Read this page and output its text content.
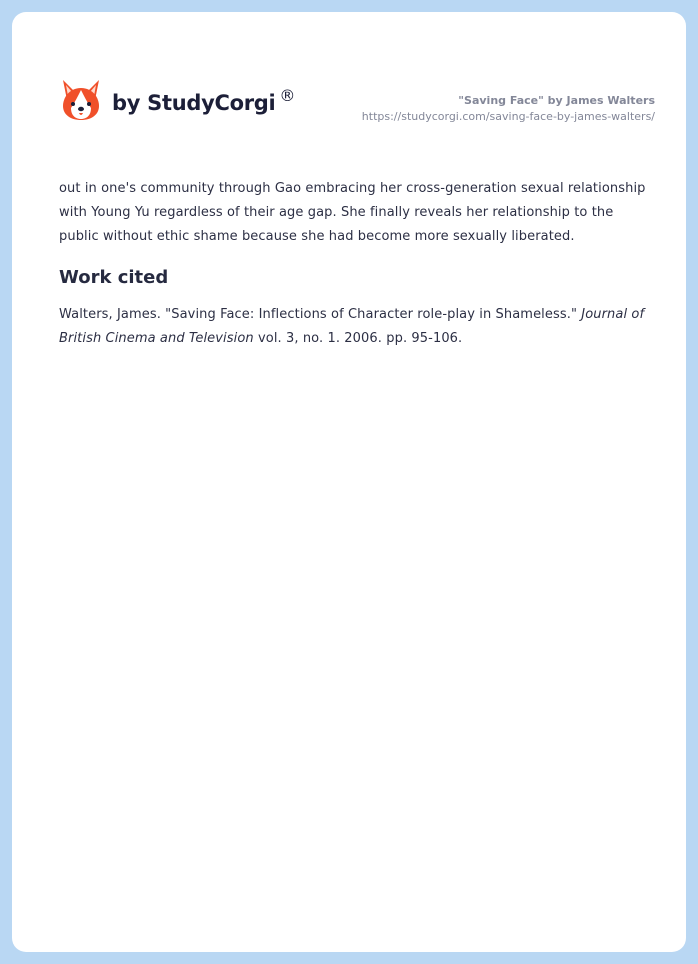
by StudyCorgi ®	"Saving Face" by James Walters
https://studycorgi.com/saving-face-by-james-walters/

out in one's community through Gao embracing her cross-generation sexual relationship with Young Yu regardless of their age gap. She finally reveals her relationship to the public without ethic shame because she had become more sexually liberated.

Work cited

Walters, James. "Saving Face: Inflections of Character role-play in Shameless." Journal of British Cinema and Television vol. 3, no. 1. 2006. pp. 95-106.
